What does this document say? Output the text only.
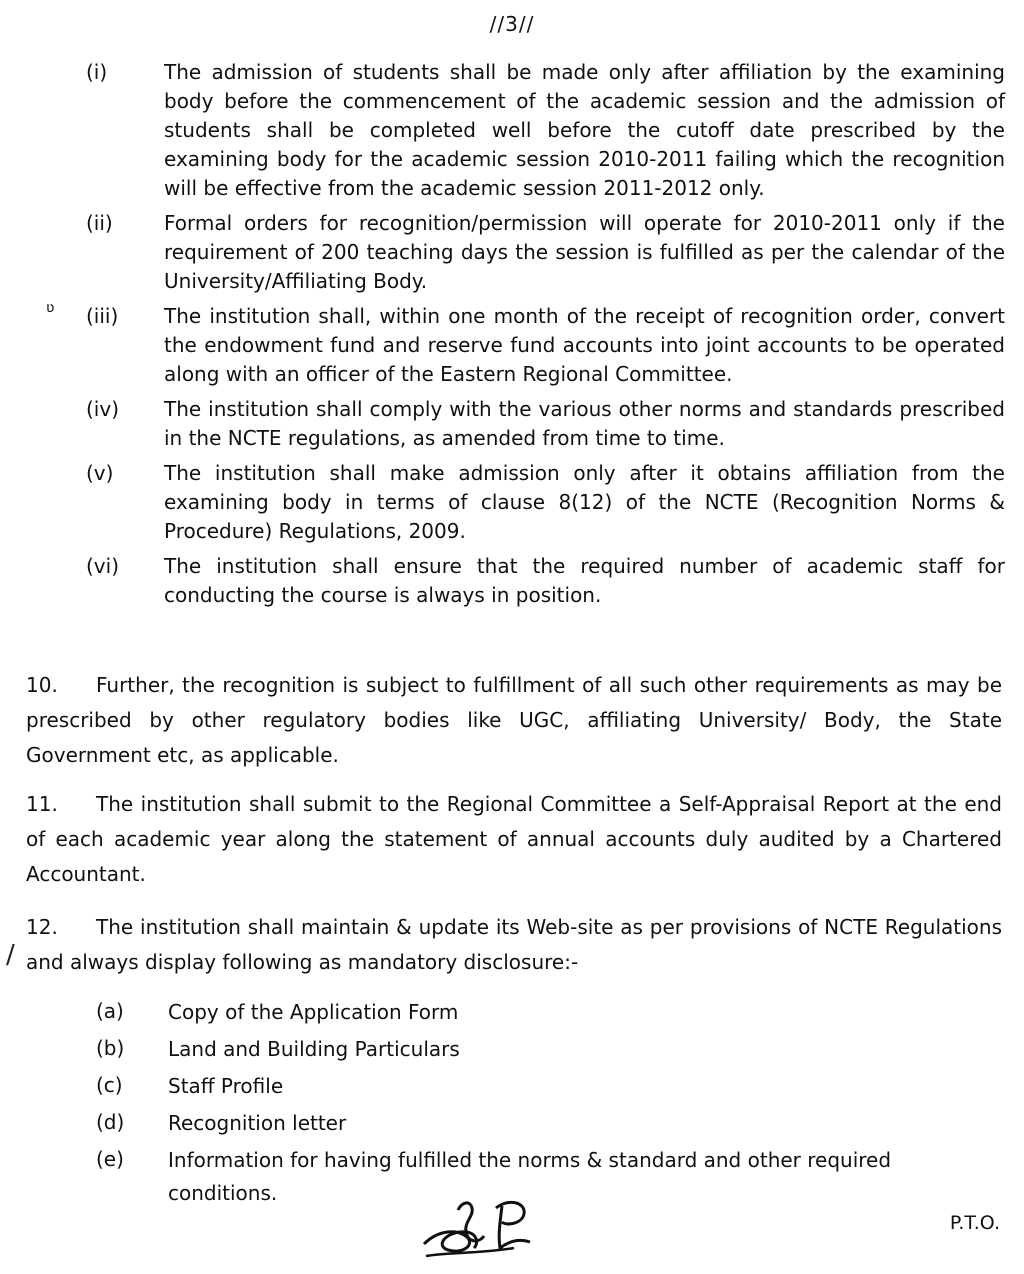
//3//
ʋ
(i)	The admission of students shall be made only after affiliation by the examining body before the commencement of the academic session and the admission of students shall be completed well before the cutoff date prescribed by the examining body for the academic session 2010-2011 failing which the recognition will be effective from the academic session 2011-2012 only.
(ii)	Formal orders for recognition/permission will operate for 2010-2011 only if the requirement of 200 teaching days the session is fulfilled as per the calendar of the University/Affiliating Body.
(iii)	The institution shall, within one month of the receipt of recognition order, convert the endowment fund and reserve fund accounts into joint accounts to be operated along with an officer of the Eastern Regional Committee.
(iv)	The institution shall comply with the various other norms and standards prescribed in the NCTE regulations, as amended from time to time.
(v)	The institution shall make admission only after it obtains affiliation from the examining body in terms of clause 8(12) of the NCTE (Recognition Norms & Procedure) Regulations, 2009.
(vi)	The institution shall ensure that the required number of academic staff for conducting the course is always in position.
10. Further, the recognition is subject to fulfillment of all such other requirements as may be prescribed by other regulatory bodies like UGC, affiliating University/ Body, the State Government etc, as applicable.
11. The institution shall submit to the Regional Committee a Self-Appraisal Report at the end of each academic year along the statement of annual accounts duly audited by a Chartered Accountant.
12. The institution shall maintain & update its Web-site as per provisions of NCTE Regulations and always display following as mandatory disclosure:-
/
(a)	Copy of the Application Form
(b)	Land and Building Particulars
(c)	Staff Profile
(d)	Recognition letter
(e)	Information for having fulfilled the norms & standard and other required conditions.
P.T.O.
